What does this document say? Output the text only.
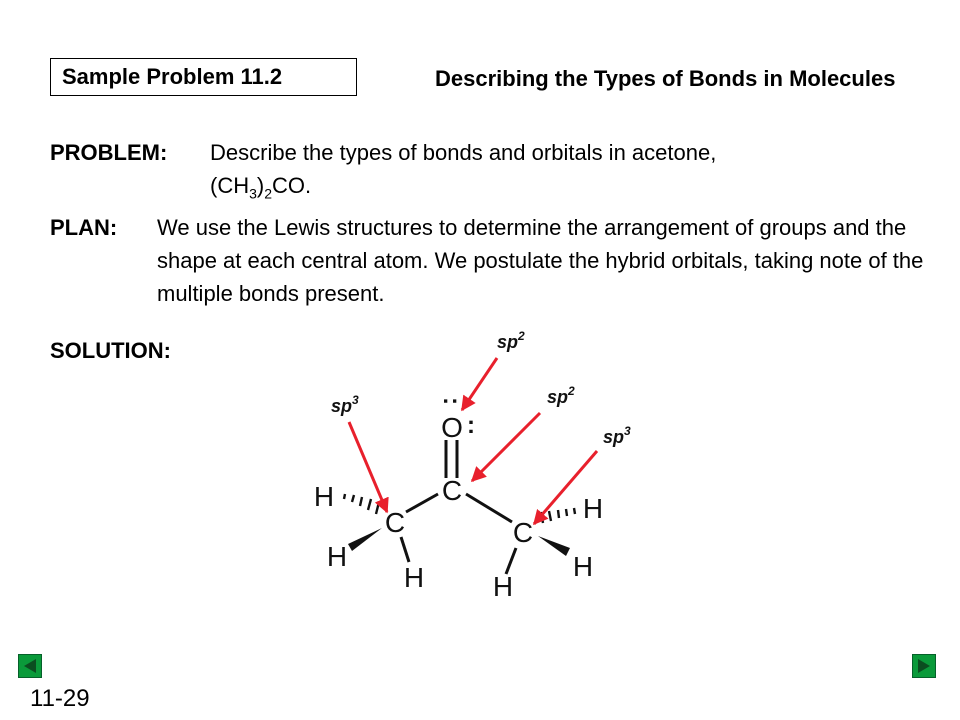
Sample Problem 11.2	Describing the Types of Bonds in Molecules
PROBLEM: Describe the types of bonds and orbitals in acetone,
$(CH_3)_2CO$.
PLAN: We use the Lewis structures to determine the arrangement of groups and the shape at each central atom. We postulate the hybrid orbitals, taking note of the multiple bonds present.
SOLUTION:
O
C
C	C
H
H
H
H
H
H
:
:
$sp^2$
$sp^2$
$sp^3$
$sp^3$
11-29
